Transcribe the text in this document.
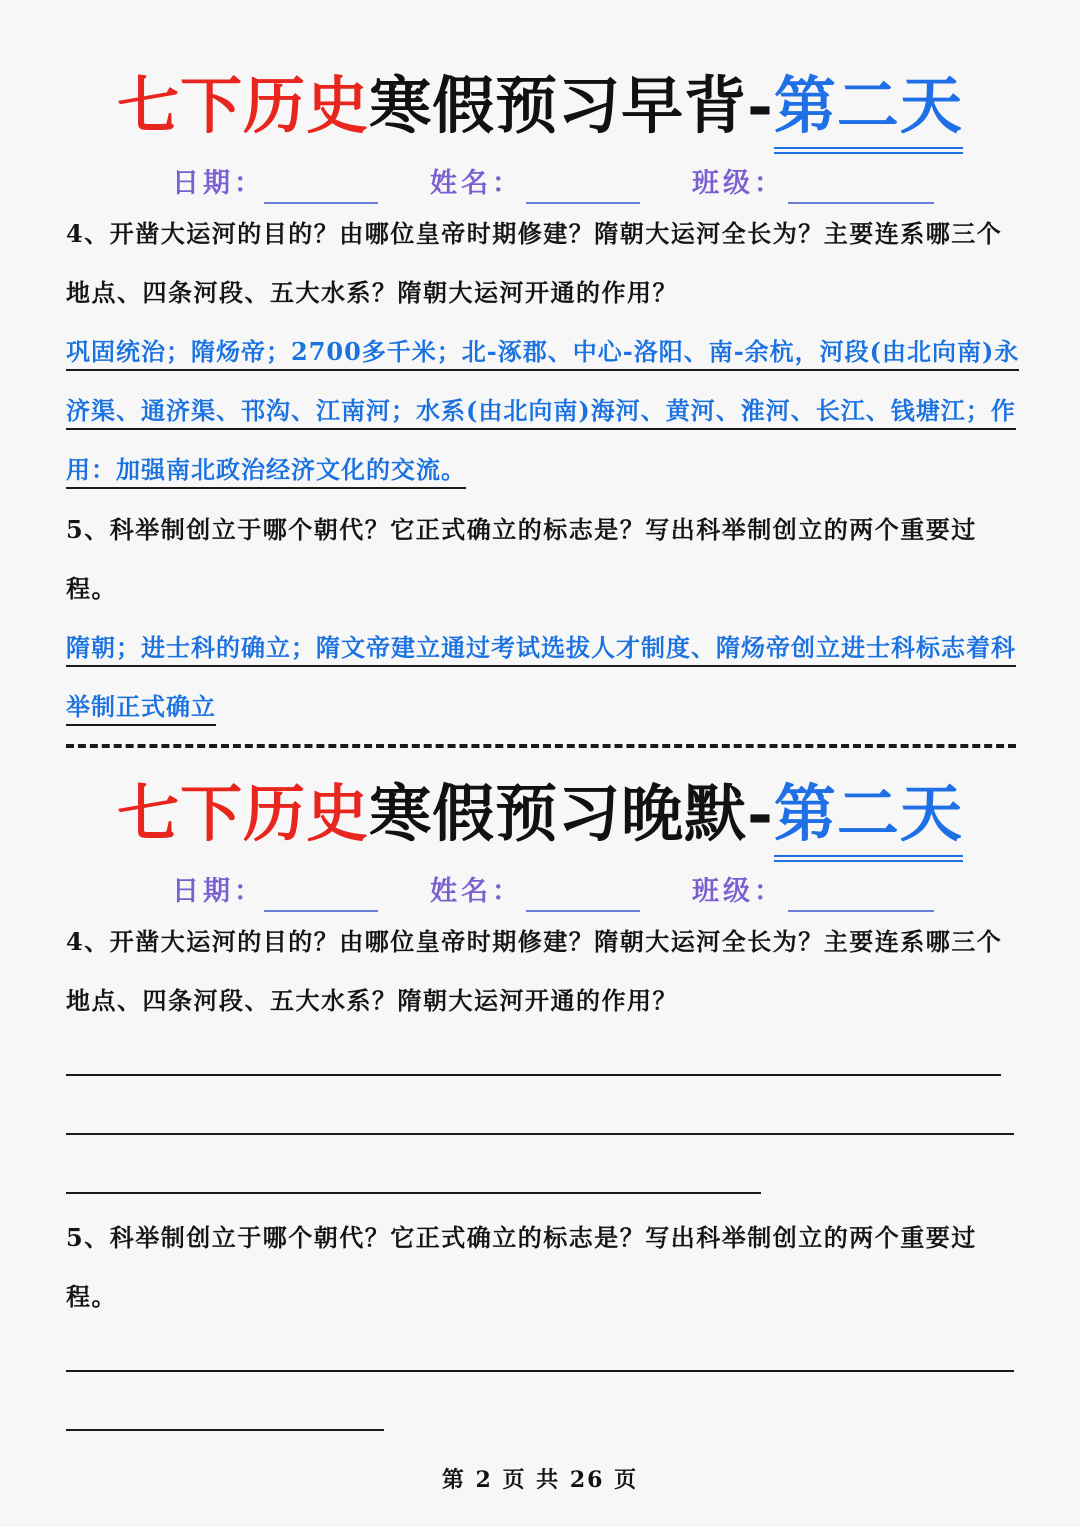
七下历史寒假预习早背-第二天
日期：	姓名：	班级：
4、开凿大运河的目的？由哪位皇帝时期修建？隋朝大运河全长为？主要连系哪三个地点、四条河段、五大水系？隋朝大运河开通的作用？
巩固统治；隋炀帝；2700多千米；北-涿郡、中心-洛阳、南-余杭，河段(由北向南)永济渠、通济渠、邗沟、江南河；水系(由北向南)海河、黄河、淮河、长江、钱塘江；作用：加强南北政治经济文化的交流。
5、科举制创立于哪个朝代？它正式确立的标志是？写出科举制创立的两个重要过程。
隋朝；进士科的确立；隋文帝建立通过考试选拔人才制度、隋炀帝创立进士科标志着科举制正式确立
七下历史寒假预习晚默-第二天
日期：	姓名：	班级：
4、开凿大运河的目的？由哪位皇帝时期修建？隋朝大运河全长为？主要连系哪三个地点、四条河段、五大水系？隋朝大运河开通的作用？
5、科举制创立于哪个朝代？它正式确立的标志是？写出科举制创立的两个重要过程。
第 2 页 共 26 页
